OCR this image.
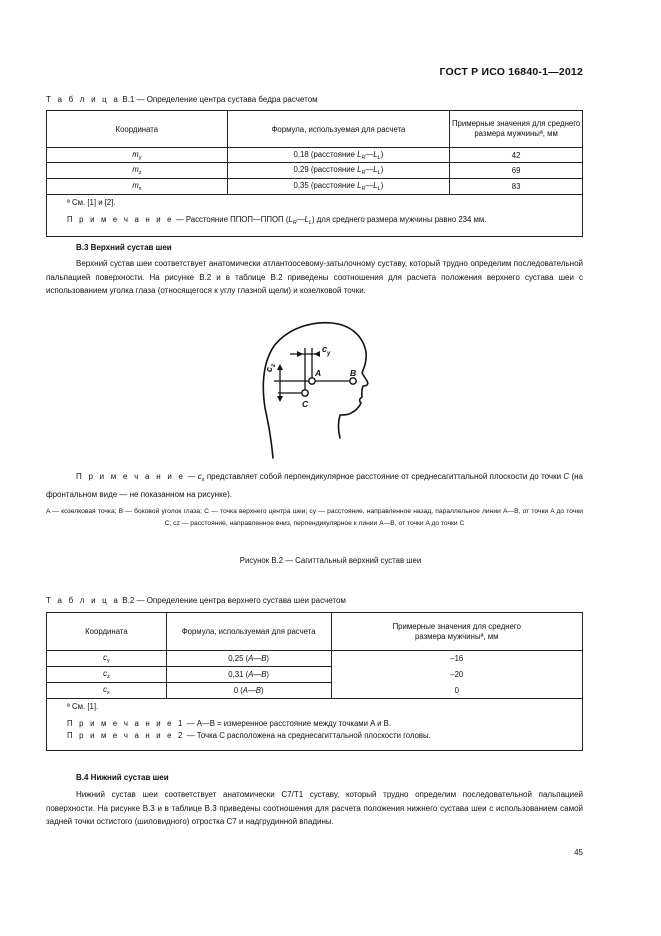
ГОСТ Р ИСО 16840-1—2012
Т а б л и ц а В.1 — Определение центра сустава бедра расчетом
Координата	Формула, используемая для расчета	Примерные значения для среднего
размера мужчиныª, мм
$m_y$	0,18 (расстояние $L_R—L_L$)	42
$m_z$	0,29 (расстояние $L_R—L_L$)	69
$m_x$	0,35 (расстояние $L_R—L_L$)	83

ª См. [1] и [2].
П р и м е ч а н и е — Расстояние ППОП—ППОП $(L_R—L_L)$ для среднего размера мужчины равно 234 мм.		
В.3 Верхний сустав шеи
Верхний сустав шеи соответствует анатомически атлантоосевому-затылочному суставу, который трудно определим последовательной пальпацией поверхности. На рисунке В.2 и в таблице В.2 приведены соотношения для расчета положения верхнего сустава шеи с использованием уголка глаза (относящегося к углу глазной щели) и козелковой точки.
$c_y$
$c_z$
A	B
C
П р и м е ч а н и е — $c_x$ представляет собой перпендикулярное расстояние от среднесагиттальной плоскости до точки C (на фронтальном виде — не показанном на рисунке).
A — козелковая точка; B — боковой уголок глаза; C — точка верхнего центра шеи; cy — расстояние, направленное назад, параллельное линии A—B, от точки A до точки C; cz — расстояние, направленное вниз, перпендикулярное к линии A—B, от точки A до точки C
Рисунок В.2 — Сагиттальный верхний сустав шеи
Т а б л и ц а В.2 — Определение центра верхнего сустава шеи расчетом
Координата	Формула, используемая для расчета	Примерные значения для среднего
размера мужчиныª, мм
$c_y$	0,25 (A—B)	–16
$c_z$	0,31 (A—B)	–20
$c_x$	0 (A—B)	0

ª См. [1].
П р и м е ч а н и е 1 — A—B = измеренное расстояние между точками A и B.
П р и м е ч а н и е 2 — Точка C расположена на среднесагиттальной плоскости головы.		
В.4 Нижний сустав шеи
Нижний сустав шеи соответствует анатомически C7/T1 суставу, который трудно определим последовательной пальпацией поверхности. На рисунке В.3 и в таблице В.3 приведены соотношения для расчета положения нижнего сустава шеи с использованием самой задней точки остистого (шиловидного) отростка C7 и надгрудинной впадины.
45
